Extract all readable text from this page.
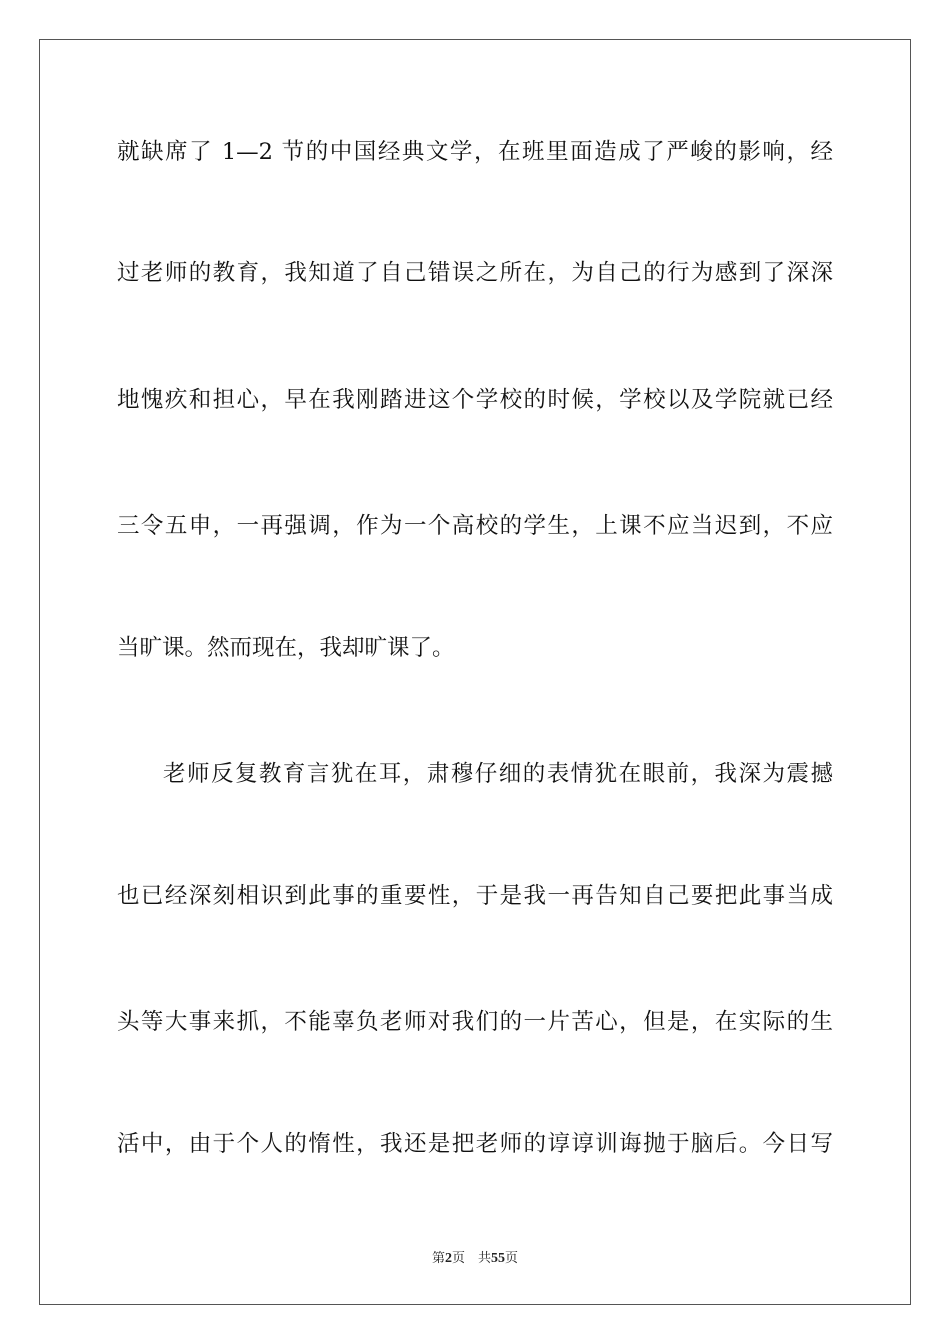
就缺席了 1—2 节的中国经典文学，在班里面造成了严峻的影响，经
过老师的教育，我知道了自己错误之所在，为自己的行为感到了深深
地愧疚和担心，早在我刚踏进这个学校的时候，学校以及学院就已经
三令五申，一再强调，作为一个高校的学生，上课不应当迟到，不应
当旷课。然而现在，我却旷课了。
老师反复教育言犹在耳，肃穆仔细的表情犹在眼前，我深为震撼
也已经深刻相识到此事的重要性，于是我一再告知自己要把此事当成
头等大事来抓，不能辜负老师对我们的一片苦心，但是，在实际的生
活中，由于个人的惰性，我还是把老师的谆谆训诲抛于脑后。今日写
第2页　共55页
